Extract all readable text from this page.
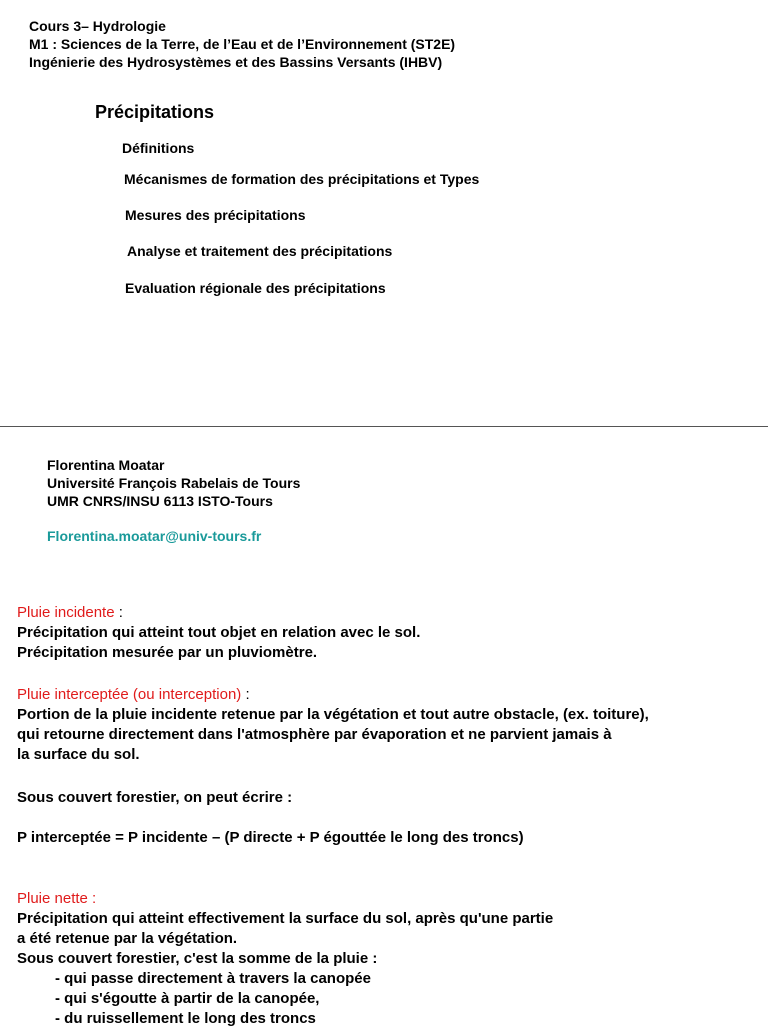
Cours 3– Hydrologie
M1 : Sciences de la Terre, de l’Eau et de l’Environnement (ST2E)
Ingénierie des Hydrosystèmes et des Bassins Versants (IHBV)
Précipitations
Définitions
Mécanismes de formation des précipitations et Types
Mesures des précipitations
Analyse et traitement des précipitations
Evaluation régionale des précipitations
Florentina Moatar
Université François Rabelais de Tours
UMR CNRS/INSU 6113 ISTO-Tours
Florentina.moatar@univ-tours.fr
Pluie incidente :
Précipitation qui atteint tout objet en relation avec le sol.
Précipitation mesurée par un pluviomètre.
Pluie interceptée (ou interception) :
Portion de la pluie incidente retenue par la végétation et tout autre obstacle, (ex. toiture),
qui retourne directement dans l'atmosphère par évaporation et ne parvient jamais à
la surface du sol.
Sous couvert forestier, on peut écrire :
P interceptée = P incidente – (P directe + P égouttée le long des troncs)
Pluie nette :
Précipitation qui atteint effectivement la surface du sol, après qu'une partie
a été retenue par la végétation.
Sous couvert forestier, c'est la somme de la pluie :
- qui passe directement à travers la canopée
- qui s'égoutte à partir de la canopée,
- du ruissellement le long des troncs
